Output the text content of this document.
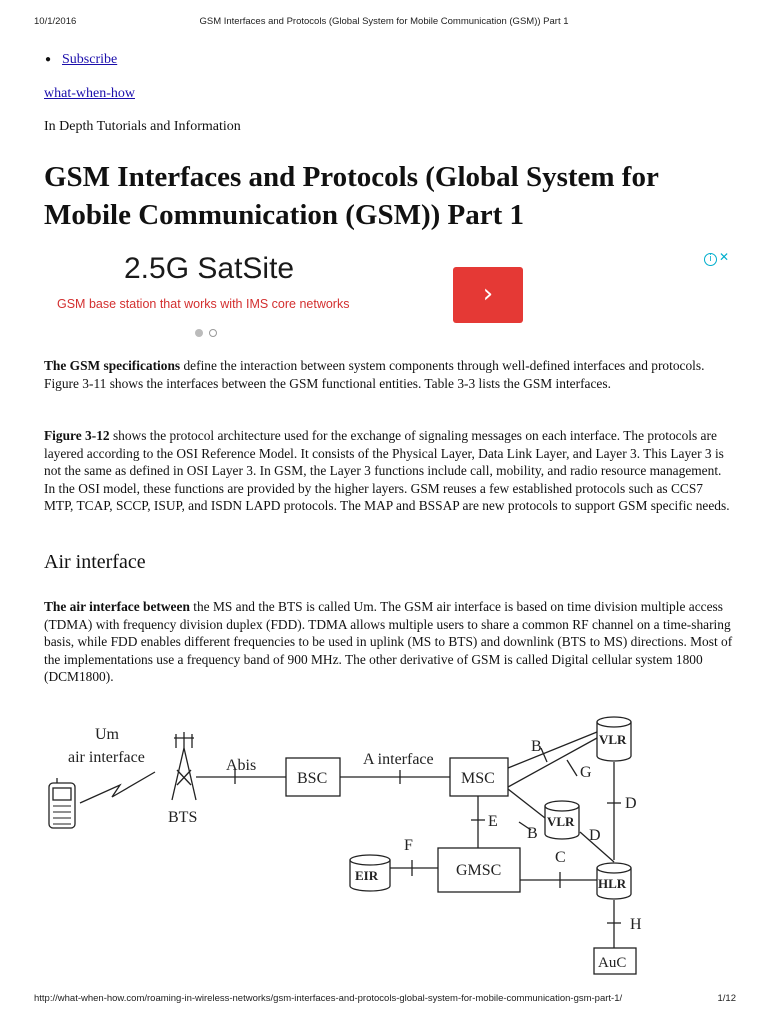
10/1/2016	GSM Interfaces and Protocols (Global System for Mobile Communication (GSM)) Part 1
● Subscribe
what-when-how
In Depth Tutorials and Information
GSM Interfaces and Protocols (Global System for Mobile Communication (GSM)) Part 1
2.5G SatSite
GSM base station that works with IMS core networks	›
i ✕

The GSM specifications define the interaction between system components through well-defined interfaces and protocols. Figure 3-11 shows the interfaces between the GSM functional entities. Table 3-3 lists the GSM interfaces.

Figure 3-12 shows the protocol architecture used for the exchange of signaling messages on each interface. The protocols are layered according to the OSI Reference Model. It consists of the Physical Layer, Data Link Layer, and Layer 3. This Layer 3 is not the same as defined in OSI Layer 3. In GSM, the Layer 3 functions include call, mobility, and radio resource management. In the OSI model, these functions are provided by the higher layers. GSM reuses a few established protocols such as CCS7 MTP, TCAP, SCCP, ISUP, and ISDN LAPD protocols. The MAP and BSSAP are new protocols to support GSM specific needs.

Air interface

The air interface between the MS and the BTS is called Um. The GSM air interface is based on time division multiple access (TDMA) with frequency division duplex (FDD). TDMA allows multiple users to share a common RF channel on a time-sharing basis, while FDD enables different frequencies to be used in uplink (MS to BTS) and downlink (BTS to MS) directions. Most of the implementations use a frequency band of 900 MHz. The other derivative of GSM is called Digital cellular system 1800 (DCM1800).

Um
air interface
BTS
Abis
BSC
A interface
MSC
B
G
D
D
E
B
F
C
H
GMSC
AuC
VLR
VLR
EIR
HLR
http://what-when-how.com/roaming-in-wireless-networks/gsm-interfaces-and-protocols-global-system-for-mobile-communication-gsm-part-1/	1/12
